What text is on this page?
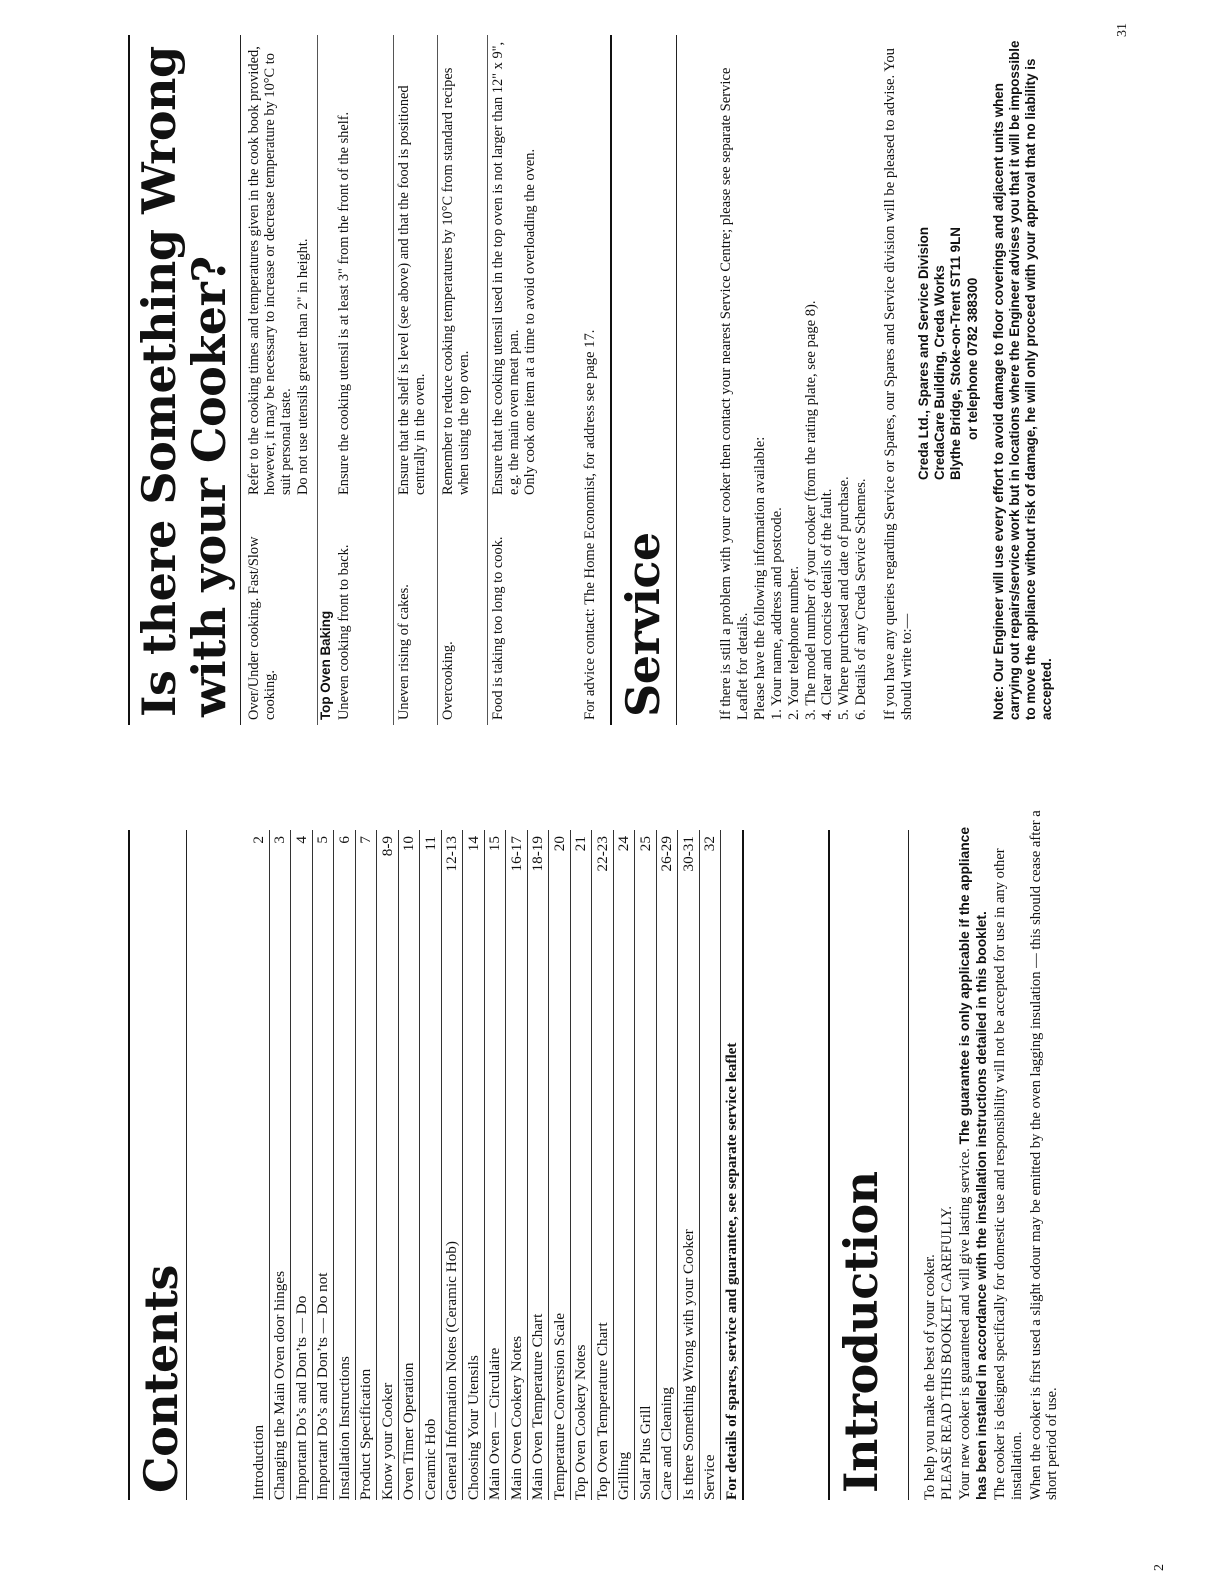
Contents	Introduction
2
Changing the Main Oven door hinges
3
Important Do’s and Don’ts — Do
4
Important Do’s and Don’ts — Do not
5
Installation Instructions
6
Product Specification
7
Know your Cooker
8-9
Oven Timer Operation
10
Ceramic Hob
11
General Information Notes (Ceramic Hob)
12-13
Choosing Your Utensils
14
Main Oven — Circulaire
15
Main Oven Cookery Notes
16-17
Main Oven Temperature Chart
18-19
Temperature Conversion Scale
20
Top Oven Cookery Notes
21
Top Oven Temperature Chart
22-23
Grilling
24
Solar Plus Grill
25
Care and Cleaning
26-29
Is there Something Wrong with your Cooker
30-31
Service
32
For details of spares, service and guarantee, see separate service leaflet Introduction To help you make the best of your cooker. PLEASE READ THIS BOOKLET CAREFULLY. Your new cooker is guaranteed and will give lasting service. The guarantee is only applicable if the appliance has been installed in accordance with the installation instructions detailed in this booklet. The cooker is designed specifically for domestic use and responsibility will not be accepted for use in any other installation. When the cooker is first used a slight odour may be emitted by the oven lagging insulation — this should cease after a short period of use.

2
Is there Something Wrong
with your Cooker? Over/Under cooking. Fast/Slow cooking.

Refer to the cooking times and temperatures given in the cook book provided, however, it may be necessary to increase or decrease temperature by 10°C to suit personal taste. Do not use utensils greater than 2" in height.

Top Oven Baking Uneven cooking front to back.

Ensure the cooking utensil is at least 3" from the front of the shelf.

Uneven rising of cakes.

Ensure that the shelf is level (see above) and that the food is positioned centrally in the oven.

Overcooking.

Remember to reduce cooking temperatures by 10°C from standard recipes when using the top oven.

Food is taking too long to cook.

Ensure that the cooking utensil used in the top oven is not larger than 12" x 9", e.g. the main oven meat pan. Only cook one item at a time to avoid overloading the oven.

For advice contact: The Home Economist, for address see page 17. Service	If there is still a problem with your cooker then contact your nearest Service Centre; please see separate Service Leaflet for details. Please have the following information available: 1. Your name, address and postcode. 2. Your telephone number. 3. The model number of your cooker (from the rating plate, see page 8). 4. Clear and concise details of the fault. 5. Where purchased and date of purchase. 6. Details of any Creda Service Schemes. If you have any queries regarding Service or Spares, our Spares and Service division will be pleased to advise. You should write to:—

Creda Ltd., Spares and Service Division CredaCare Building, Creda Works Blythe Bridge, Stoke-on-Trent ST11 9LN or telephone 0782 388300

Note: Our Engineer will use every effort to avoid damage to floor coverings and adjacent units when carrying out repairs/service work but in locations where the Engineer advises you that it will be impossible to move the appliance without risk of damage, he will only proceed with your approval that no liability is accepted.

31
